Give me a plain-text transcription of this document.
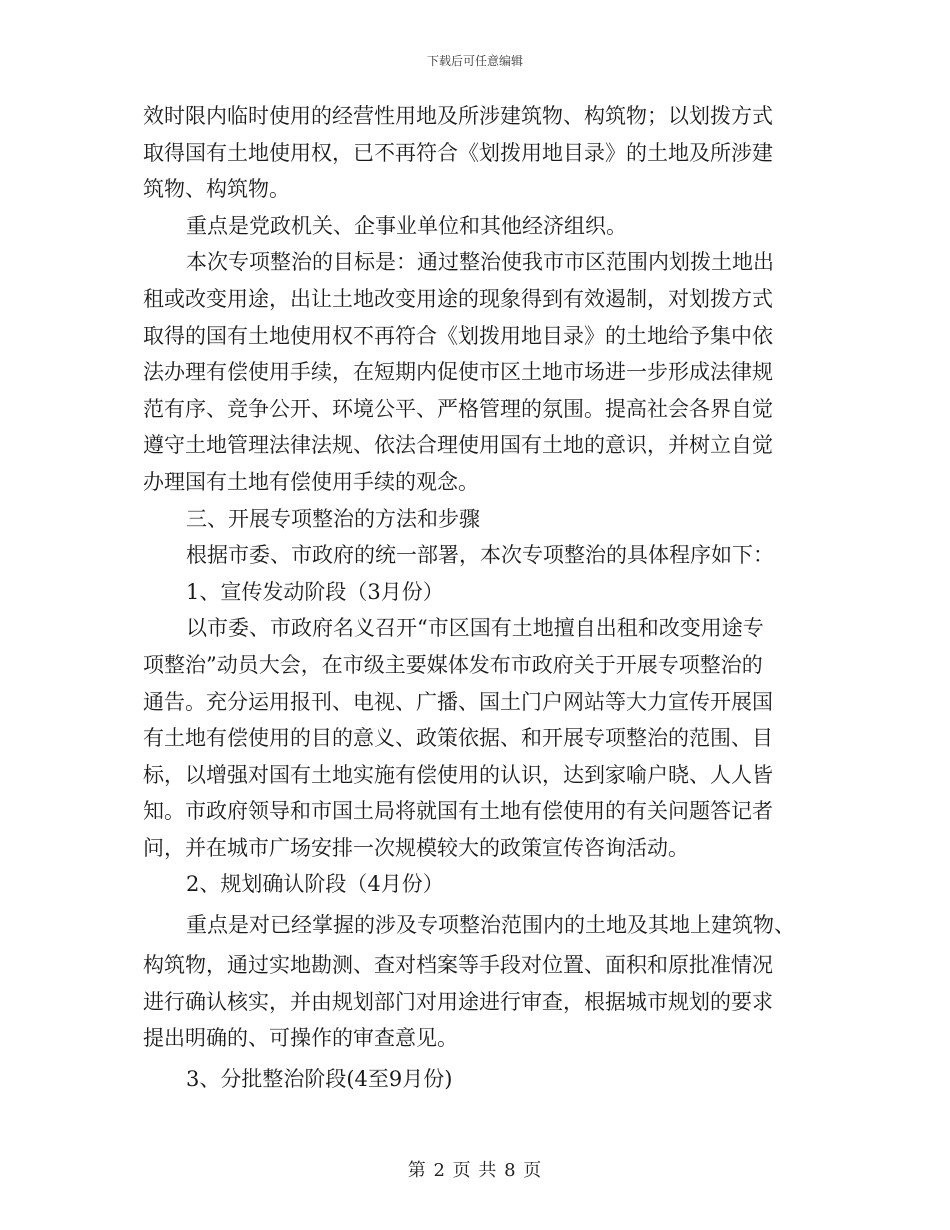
下载后可任意编辑
效时限内临时使用的经营性用地及所涉建筑物、构筑物；以划拨方式
取得国有土地使用权，已不再符合《划拨用地目录》的土地及所涉建
筑物、构筑物。
重点是党政机关、企事业单位和其他经济组织。
本次专项整治的目标是：通过整治使我市市区范围内划拨土地出
租或改变用途，出让土地改变用途的现象得到有效遏制，对划拨方式
取得的国有土地使用权不再符合《划拨用地目录》的土地给予集中依
法办理有偿使用手续，在短期内促使市区土地市场进一步形成法律规
范有序、竞争公开、环境公平、严格管理的氛围。提高社会各界自觉
遵守土地管理法律法规、依法合理使用国有土地的意识，并树立自觉
办理国有土地有偿使用手续的观念。
三、开展专项整治的方法和步骤
根据市委、市政府的统一部署，本次专项整治的具体程序如下：
1、宣传发动阶段（3月份）
以市委、市政府名义召开“市区国有土地擅自出租和改变用途专
项整治”动员大会，在市级主要媒体发布市政府关于开展专项整治的
通告。充分运用报刊、电视、广播、国土门户网站等大力宣传开展国
有土地有偿使用的目的意义、政策依据、和开展专项整治的范围、目
标，以增强对国有土地实施有偿使用的认识，达到家喻户晓、人人皆
知。市政府领导和市国土局将就国有土地有偿使用的有关问题答记者
问，并在城市广场安排一次规模较大的政策宣传咨询活动。
2、规划确认阶段（4月份）
重点是对已经掌握的涉及专项整治范围内的土地及其地上建筑物、
构筑物，通过实地勘测、查对档案等手段对位置、面积和原批准情况
进行确认核实，并由规划部门对用途进行审查，根据城市规划的要求
提出明确的、可操作的审查意见。
3、分批整治阶段(4至9月份)
第 2 页 共 8 页
